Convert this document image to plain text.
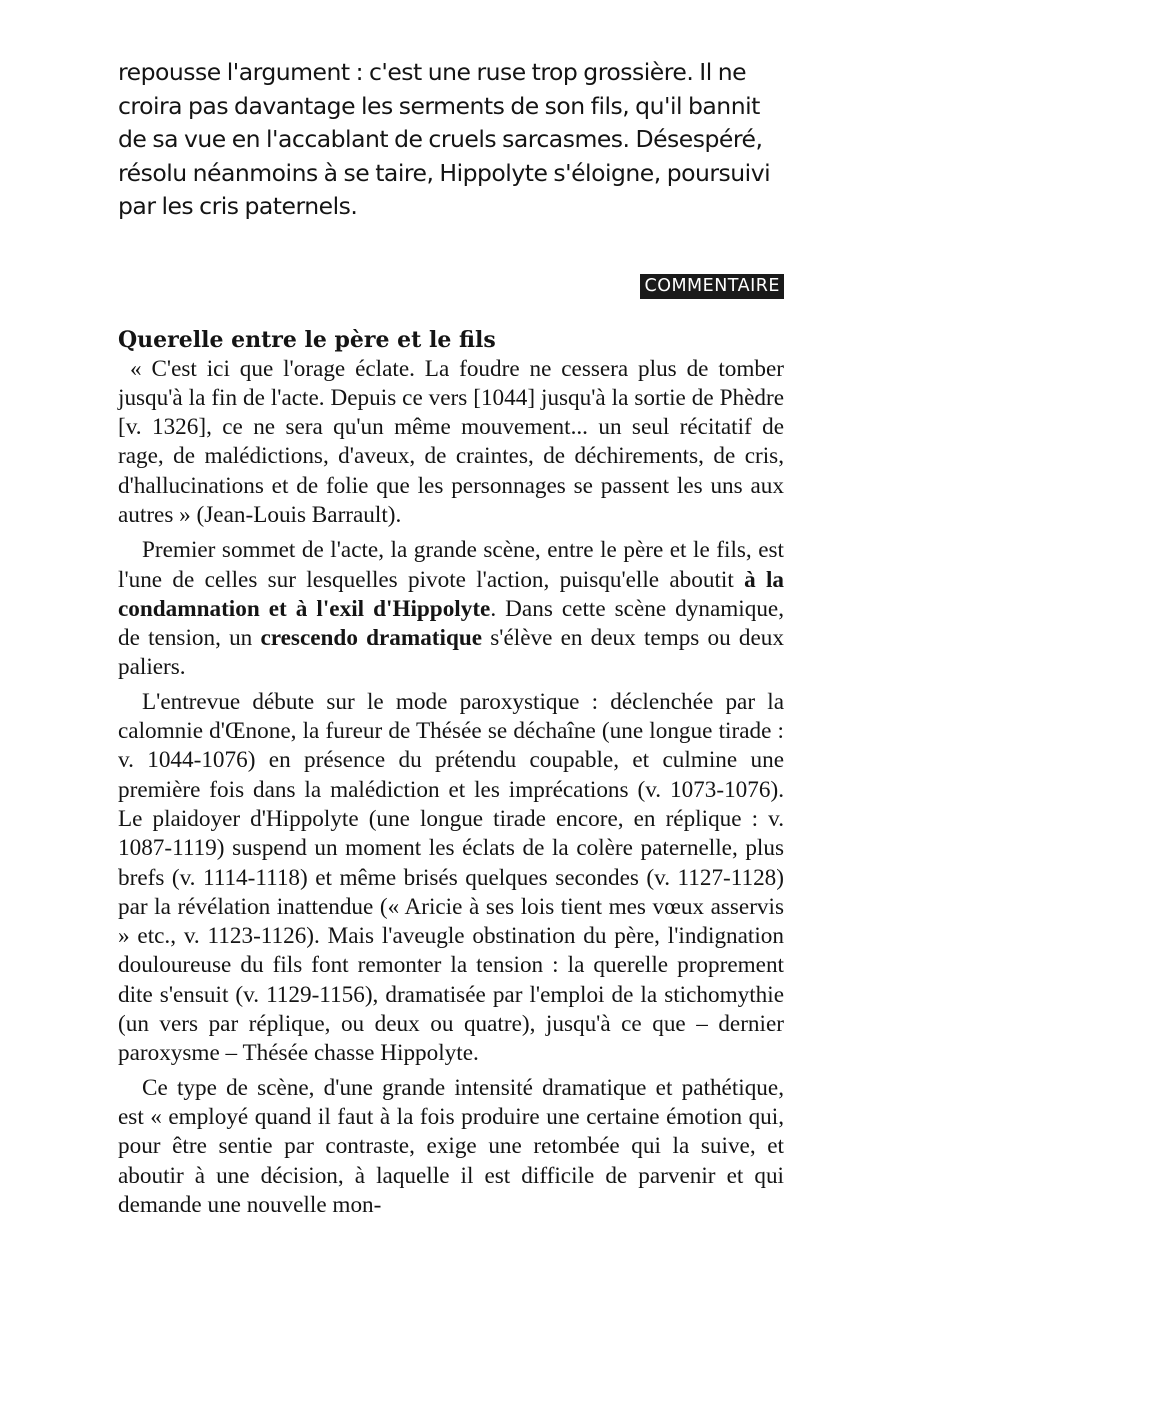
repousse l'argument : c'est une ruse trop grossière. Il ne croira pas davantage les serments de son fils, qu'il bannit de sa vue en l'accablant de cruels sarcasmes. Désespéré, résolu néanmoins à se taire, Hippolyte s'éloigne, poursuivi par les cris paternels.

COMMENTAIRE
Querelle entre le père et le fils

« C'est ici que l'orage éclate. La foudre ne cessera plus de tomber jusqu'à la fin de l'acte. Depuis ce vers [1044] jusqu'à la sortie de Phèdre [v. 1326], ce ne sera qu'un même mouvement... un seul récitatif de rage, de malédictions, d'aveux, de craintes, de déchirements, de cris, d'hallucinations et de folie que les personnages se passent les uns aux autres » (Jean-Louis Barrault).

Premier sommet de l'acte, la grande scène, entre le père et le fils, est l'une de celles sur lesquelles pivote l'action, puisqu'elle aboutit à la condamnation et à l'exil d'Hippolyte. Dans cette scène dynamique, de tension, un crescendo dramatique s'élève en deux temps ou deux paliers.

L'entrevue débute sur le mode paroxystique : déclenchée par la calomnie d'Œnone, la fureur de Thésée se déchaîne (une longue tirade : v. 1044-1076) en présence du prétendu coupable, et culmine une première fois dans la malédiction et les imprécations (v. 1073-1076). Le plaidoyer d'Hippolyte (une longue tirade encore, en réplique : v. 1087-1119) suspend un moment les éclats de la colère paternelle, plus brefs (v. 1114-1118) et même brisés quelques secondes (v. 1127-1128) par la révélation inattendue (« Aricie à ses lois tient mes vœux asservis » etc., v. 1123-1126). Mais l'aveugle obstination du père, l'indignation douloureuse du fils font remonter la tension : la querelle proprement dite s'ensuit (v. 1129-1156), dramatisée par l'emploi de la stichomythie (un vers par réplique, ou deux ou quatre), jusqu'à ce que – dernier paroxysme – Thésée chasse Hippolyte.

Ce type de scène, d'une grande intensité dramatique et pathétique, est « employé quand il faut à la fois produire une certaine émotion qui, pour être sentie par contraste, exige une retombée qui la suive, et aboutir à une décision, à laquelle il est difficile de parvenir et qui demande une nouvelle mon-
